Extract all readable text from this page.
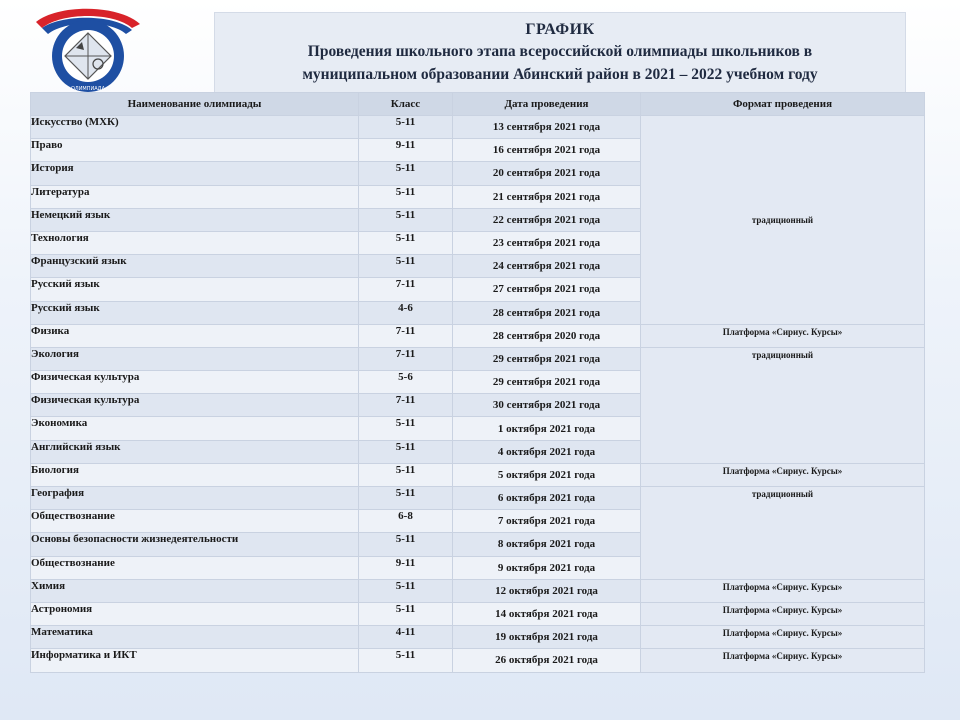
ОЛИМПИАДА
ГРАФИК
Проведения школьного этапа всероссийской олимпиады школьников в
муниципальном образовании Абинский район в 2021 – 2022 учебном году
Наименование олимпиады	Класс	Дата проведения	Формат проведения
Искусство (МХК)	5-11	13 сентября 2021 года	традиционный
Право	9-11	16 сентября 2021 года	
История	5-11	20 сентября 2021 года	
Литература	5-11	21 сентября 2021 года	
Немецкий язык	5-11	22 сентября 2021 года	
Технология	5-11	23 сентября 2021 года	
Французский язык	5-11	24 сентября 2021 года	
Русский язык	7-11	27 сентября 2021 года	
Русский язык	4-6	28 сентября 2021 года	
Физика	7-11	28 сентября 2020 года	Платформа «Сириус. Курсы»
Экология	7-11	29 сентября 2021 года	традиционный
Физическая культура	5-6	29 сентября 2021 года	
Физическая культура	7-11	30 сентября 2021 года	
Экономика	5-11	1 октября 2021 года	
Английский язык	5-11	4 октября 2021 года	
Биология	5-11	5 октября 2021 года	Платформа «Сириус. Курсы»
География	5-11	6 октября 2021 года	традиционный
Обществознание	6-8	7 октября 2021 года	
Основы безопасности жизнедеятельности	5-11	8 октября 2021 года	
Обществознание	9-11	9 октября 2021 года	
Химия	5-11	12 октября 2021 года	Платформа «Сириус. Курсы»
Астрономия	5-11	14 октября 2021 года	Платформа «Сириус. Курсы»
Математика	4-11	19 октября 2021 года	Платформа «Сириус. Курсы»
Информатика и ИКТ	5-11	26 октября 2021 года	Платформа «Сириус. Курсы»
